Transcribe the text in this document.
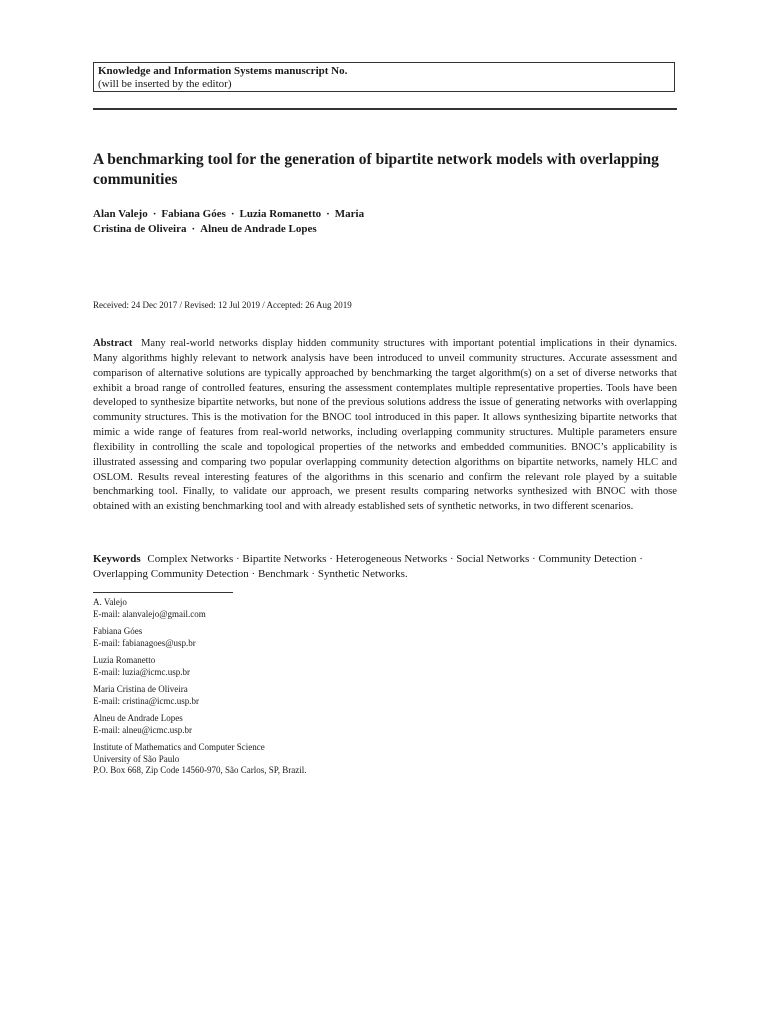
Knowledge and Information Systems manuscript No.
(will be inserted by the editor)
A benchmarking tool for the generation of bipartite network models with overlapping communities
Alan Valejo · Fabiana Góes · Luzia Romanetto · Maria
Cristina de Oliveira · Alneu de Andrade Lopes
Received: 24 Dec 2017 / Revised: 12 Jul 2019 / Accepted: 26 Aug 2019

Abstract Many real-world networks display hidden community structures with important potential implications in their dynamics. Many algorithms highly relevant to network analysis have been introduced to unveil community structures. Accurate assessment and comparison of alternative solutions are typically approached by benchmarking the target algorithm(s) on a set of diverse networks that exhibit a broad range of controlled features, ensuring the assessment contemplates multiple representative properties. Tools have been developed to synthesize bipartite networks, but none of the previous solutions address the issue of generating networks with overlapping community structures. This is the motivation for the BNOC tool introduced in this paper. It allows synthesizing bipartite networks that mimic a wide range of features from real-world networks, including overlapping community structures. Multiple parameters ensure flexibility in controlling the scale and topological properties of the networks and embedded communities. BNOC’s applicability is illustrated assessing and comparing two popular overlapping community detection algorithms on bipartite networks, namely HLC and OSLOM. Results reveal interesting features of the algorithms in this scenario and confirm the relevant role played by a suitable benchmarking tool. Finally, to validate our approach, we present results comparing networks synthesized with BNOC with those obtained with an existing benchmarking tool and with already established sets of synthetic networks, in two different scenarios.

Keywords Complex Networks · Bipartite Networks · Heterogeneous Networks · Social Networks · Community Detection · Overlapping Community Detection · Benchmark · Synthetic Networks.

A. Valejo
E-mail: alanvalejo@gmail.com
Fabiana Góes
E-mail: fabianagoes@usp.br
Luzia Romanetto
E-mail: luzia@icmc.usp.br
Maria Cristina de Oliveira
E-mail: cristina@icmc.usp.br
Alneu de Andrade Lopes
E-mail: alneu@icmc.usp.br
Institute of Mathematics and Computer Science
University of São Paulo
P.O. Box 668, Zip Code 14560-970, São Carlos, SP, Brazil.
